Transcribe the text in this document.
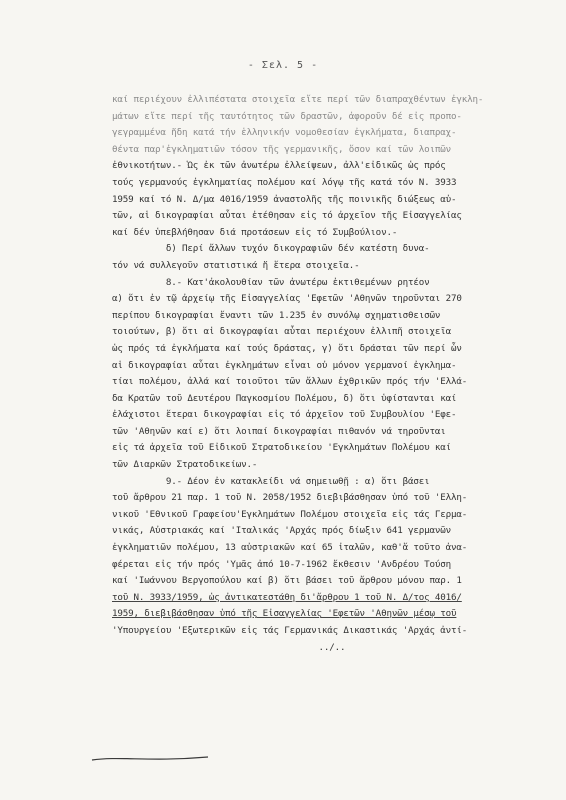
- Σελ. 5 -
καί περιέχουν ἐλλιπέστατα στοιχεῖα εἴτε περί τῶν διαπραχθέντων ἐγκλη-
μάτων εἴτε περί τῆς ταυτότητος τῶν δραστῶν, ἀφοροῦν δέ εἰς προπο-
γεγραμμένα ἤδη κατά τήν ἑλληνικήν νομοθεσίαν ἐγκλήματα, διαπραχ-
θέντα παρ'ἐγκληματιῶν τόσον τῆς γερμανικῆς, ὅσον καί τῶν λοιπῶν
ἐθνικοτήτων.- Ὡς ἐκ τῶν ἀνωτέρω ἐλλείψεων, ἀλλ'εἰδικῶς ὡς πρός
τούς γερμανούς ἐγκληματίας πολέμου καί λόγῳ τῆς κατά τόν Ν. 3933
1959 καί τό Ν. Δ/μα 4016/1959 ἀναστολῆς τῆς ποινικῆς διώξεως αὐ-
τῶν, αἱ δικογραφίαι αὗται ἐτέθησαν εἰς τό ἀρχεῖον τῆς Εἰσαγγελίας
καί δέν ὑπεβλήθησαν διά προτάσεων εἰς τό Συμβούλιον.-
δ) Περί ἄλλων τυχόν δικογραφιῶν δέν κατέστη δυνα-
τόν νά συλλεγοῦν στατιστικά ἤ ἕτερα στοιχεῖα.-
8.- Κατ'ἀκολουθίαν τῶν ἀνωτέρω ἐκτιθεμένων ρητέον
α) ὅτι ἐν τῷ ἀρχείῳ τῆς Εἰσαγγελίας 'Εφετῶν 'Αθηνῶν τηροῦνται 270
περίπου δικογραφίαι ἔναντι τῶν 1.235 ἐν συνόλῳ σχηματισθεισῶν
τοιούτων, β) ὅτι αἱ δικογραφίαι αὗται περιέχουν ἐλλιπῆ στοιχεῖα
ὡς πρός τά ἐγκλήματα καί τούς δράστας, γ) ὅτι δράσται τῶν περί ὧν
αἱ δικογραφίαι αὗται ἐγκλημάτων εἶναι οὐ μόνον γερμανοί ἐγκλημα-
τίαι πολέμου, ἀλλά καί τοιοῦτοι τῶν ἄλλων ἐχθρικῶν πρός τήν 'Ελλά-
δα Κρατῶν τοῦ Δευτέρου Παγκοσμίου Πολέμου, δ) ὅτι ὑφίστανται καί
ἐλάχιστοι ἕτεραι δικογραφίαι εἰς τό ἀρχεῖον τοῦ Συμβουλίου 'Εφε-
τῶν 'Αθηνῶν καί ε) ὅτι λοιπαί δικογραφίαι πιθανόν νά τηροῦνται
εἰς τά ἀρχεῖα τοῦ Εἰδικοῦ Στρατοδικείου 'Εγκλημάτων Πολέμου καί
τῶν Διαρκῶν Στρατοδικείων.-
9.- Δέον ἐν κατακλείδι νά σημειωθῇ : α) ὅτι βάσει
τοῦ ἄρθρου 21 παρ. 1 τοῦ Ν. 2058/1952 διεβιβάσθησαν ὑπό τοῦ 'Ελλη-
νικοῦ 'Εθνικοῦ Γραφείου'Εγκλημάτων Πολέμου στοιχεῖα εἰς τάς Γερμα-
νικάς, Αὐστριακάς καί 'Ιταλικάς 'Αρχάς πρός δίωξιν 641 γερμανῶν
ἐγκληματιῶν πολέμου, 13 αὐστριακῶν καί 65 ἰταλῶν, καθ'ἅ τοῦτο ἀνα-
φέρεται εἰς τήν πρός 'Υμᾶς ἀπό 10-7-1962 ἔκθεσιν 'Ανδρέου Τούση
καί 'Ιωάννου Βεργοπούλου καί β) ὅτι βάσει τοῦ ἄρθρου μόνου παρ. 1
τοῦ Ν. 3933/1959, ὡς ἀντικατεστάθη δι'ἄρθρου 1 τοῦ Ν. Δ/τος 4016/
1959, διεβιβάσθησαν ὑπό τῆς Εἰσαγγελίας 'Εφετῶν 'Αθηνῶν μέσῳ τοῦ
'Υπουργείου 'Εξωτερικῶν εἰς τάς Γερμανικάς Δικαστικάς 'Αρχάς ἀντί-
../..
